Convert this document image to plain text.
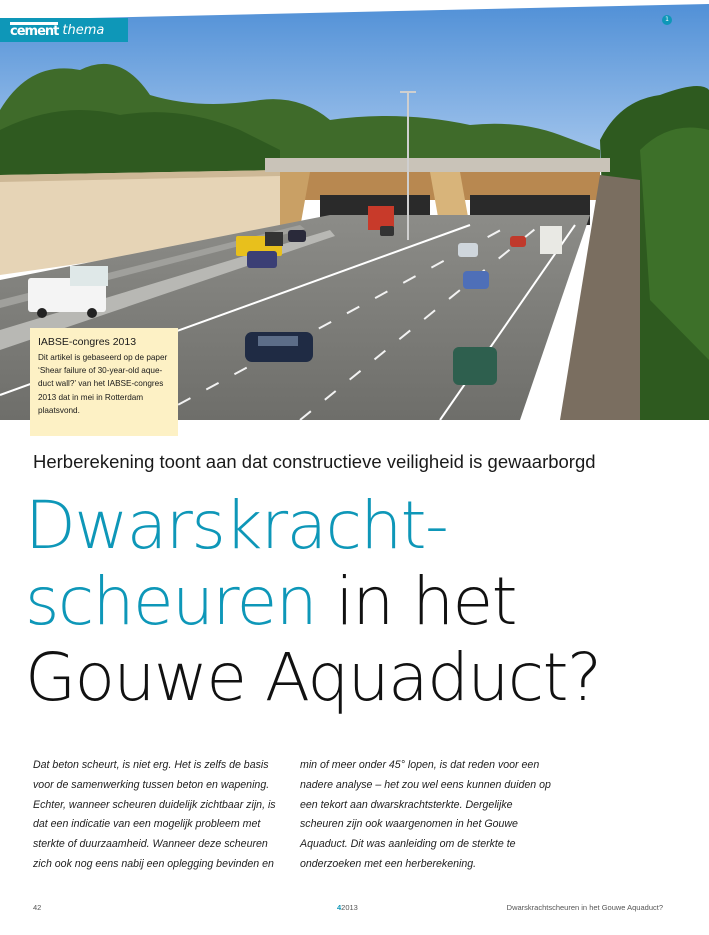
cement thema
1
IABSE-congres 2013
Dit artikel is gebaseerd op de paper ‘Shear failure of 30-year-old aque-duct wall?’ van het IABSE-congres 2013 dat in mei in Rotterdam plaatsvond.
Herberekening toont aan dat constructieve veiligheid is gewaarborgd
Dwarskracht-
scheuren in het
Gouwe Aquaduct?

Dat beton scheurt, is niet erg. Het is zelfs de basis voor de samenwerking tussen beton en wapening. Echter, wanneer scheuren duidelijk zichtbaar zijn, is dat een indicatie van een mogelijk probleem met sterkte of duurzaamheid. Wanneer deze scheuren zich ook nog eens nabij een oplegging bevinden en

min of meer onder 45° lopen, is dat reden voor een nadere analyse – het zou wel eens kunnen duiden op een tekort aan dwarskrachtsterkte. Dergelijke scheuren zijn ook waargenomen in het Gouwe Aquaduct. Dit was aanleiding om de sterkte te onderzoeken met een herberekening.

42	42013	Dwarskrachtscheuren in het Gouwe Aquaduct?
